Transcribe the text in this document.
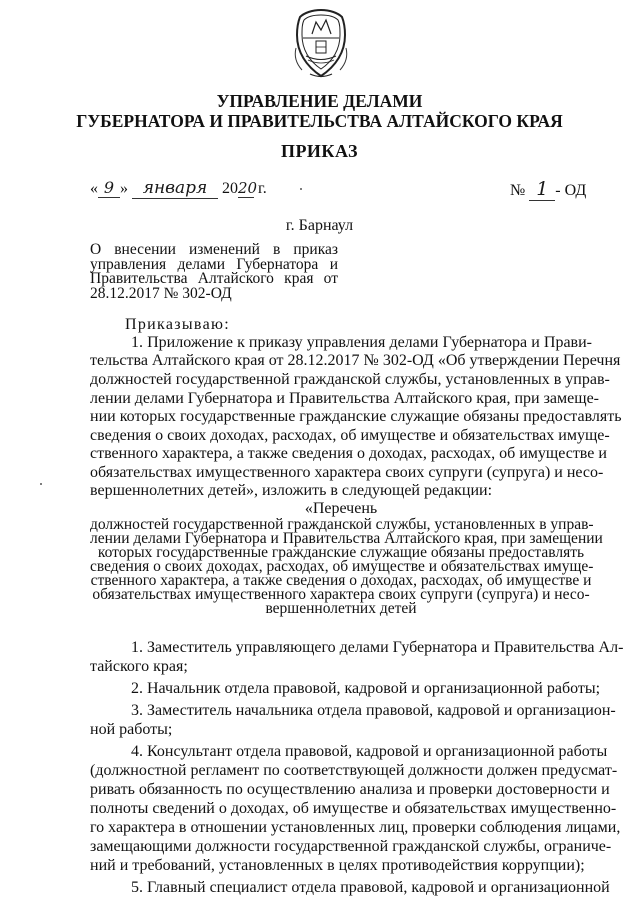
УПРАВЛЕНИЕ ДЕЛАМИ
ГУБЕРНАТОРА И ПРАВИТЕЛЬСТВА АЛТАЙСКОГО КРАЯ
ПРИКАЗ
« 9 » января 2020 г.	№ 1 - ОД
г. Барнаул
О внесении изменений в приказ управления делами Губернатора и Правительства Алтайского края от 28.12.2017 № 302-ОД
Приказываю:
1. Приложение к приказу управления делами Губернатора и Прави-
тельства Алтайского края от 28.12.2017 № 302-ОД «Об утверждении Перечня
должностей государственной гражданской службы, установленных в управ-
лении делами Губернатора и Правительства Алтайского края, при замеще-
нии которых государственные гражданские служащие обязаны предоставлять
сведения о своих доходах, расходах, об имуществе и обязательствах имуще-
ственного характера, а также сведения о доходах, расходах, об имуществе и
обязательствах имущественного характера своих супруги (супруга) и несо-
вершеннолетних детей», изложить в следующей редакции:
«Перечень
должностей государственной гражданской службы, установленных в управ-
лении делами Губернатора и Правительства Алтайского края, при замещении
которых государственные гражданские служащие обязаны предоставлять
сведения о своих доходах, расходах, об имуществе и обязательствах имуще-
ственного характера, а также сведения о доходах, расходах, об имуществе и
обязательствах имущественного характера своих супруги (супруга) и несо-
вершеннолетних детей
1. Заместитель управляющего делами Губернатора и Правительства Ал-
тайского края;
2. Начальник отдела правовой, кадровой и организационной работы;
3. Заместитель начальника отдела правовой, кадровой и организацион-
ной работы;
4. Консультант отдела правовой, кадровой и организационной работы
(должностной регламент по соответствующей должности должен предусмат-
ривать обязанность по осуществлению анализа и проверки достоверности и
полноты сведений о доходах, об имуществе и обязательствах имущественно-
го характера в отношении установленных лиц, проверки соблюдения лицами,
замещающими должности государственной гражданской службы, ограниче-
ний и требований, установленных в целях противодействия коррупции);
5. Главный специалист отдела правовой, кадровой и организационной
